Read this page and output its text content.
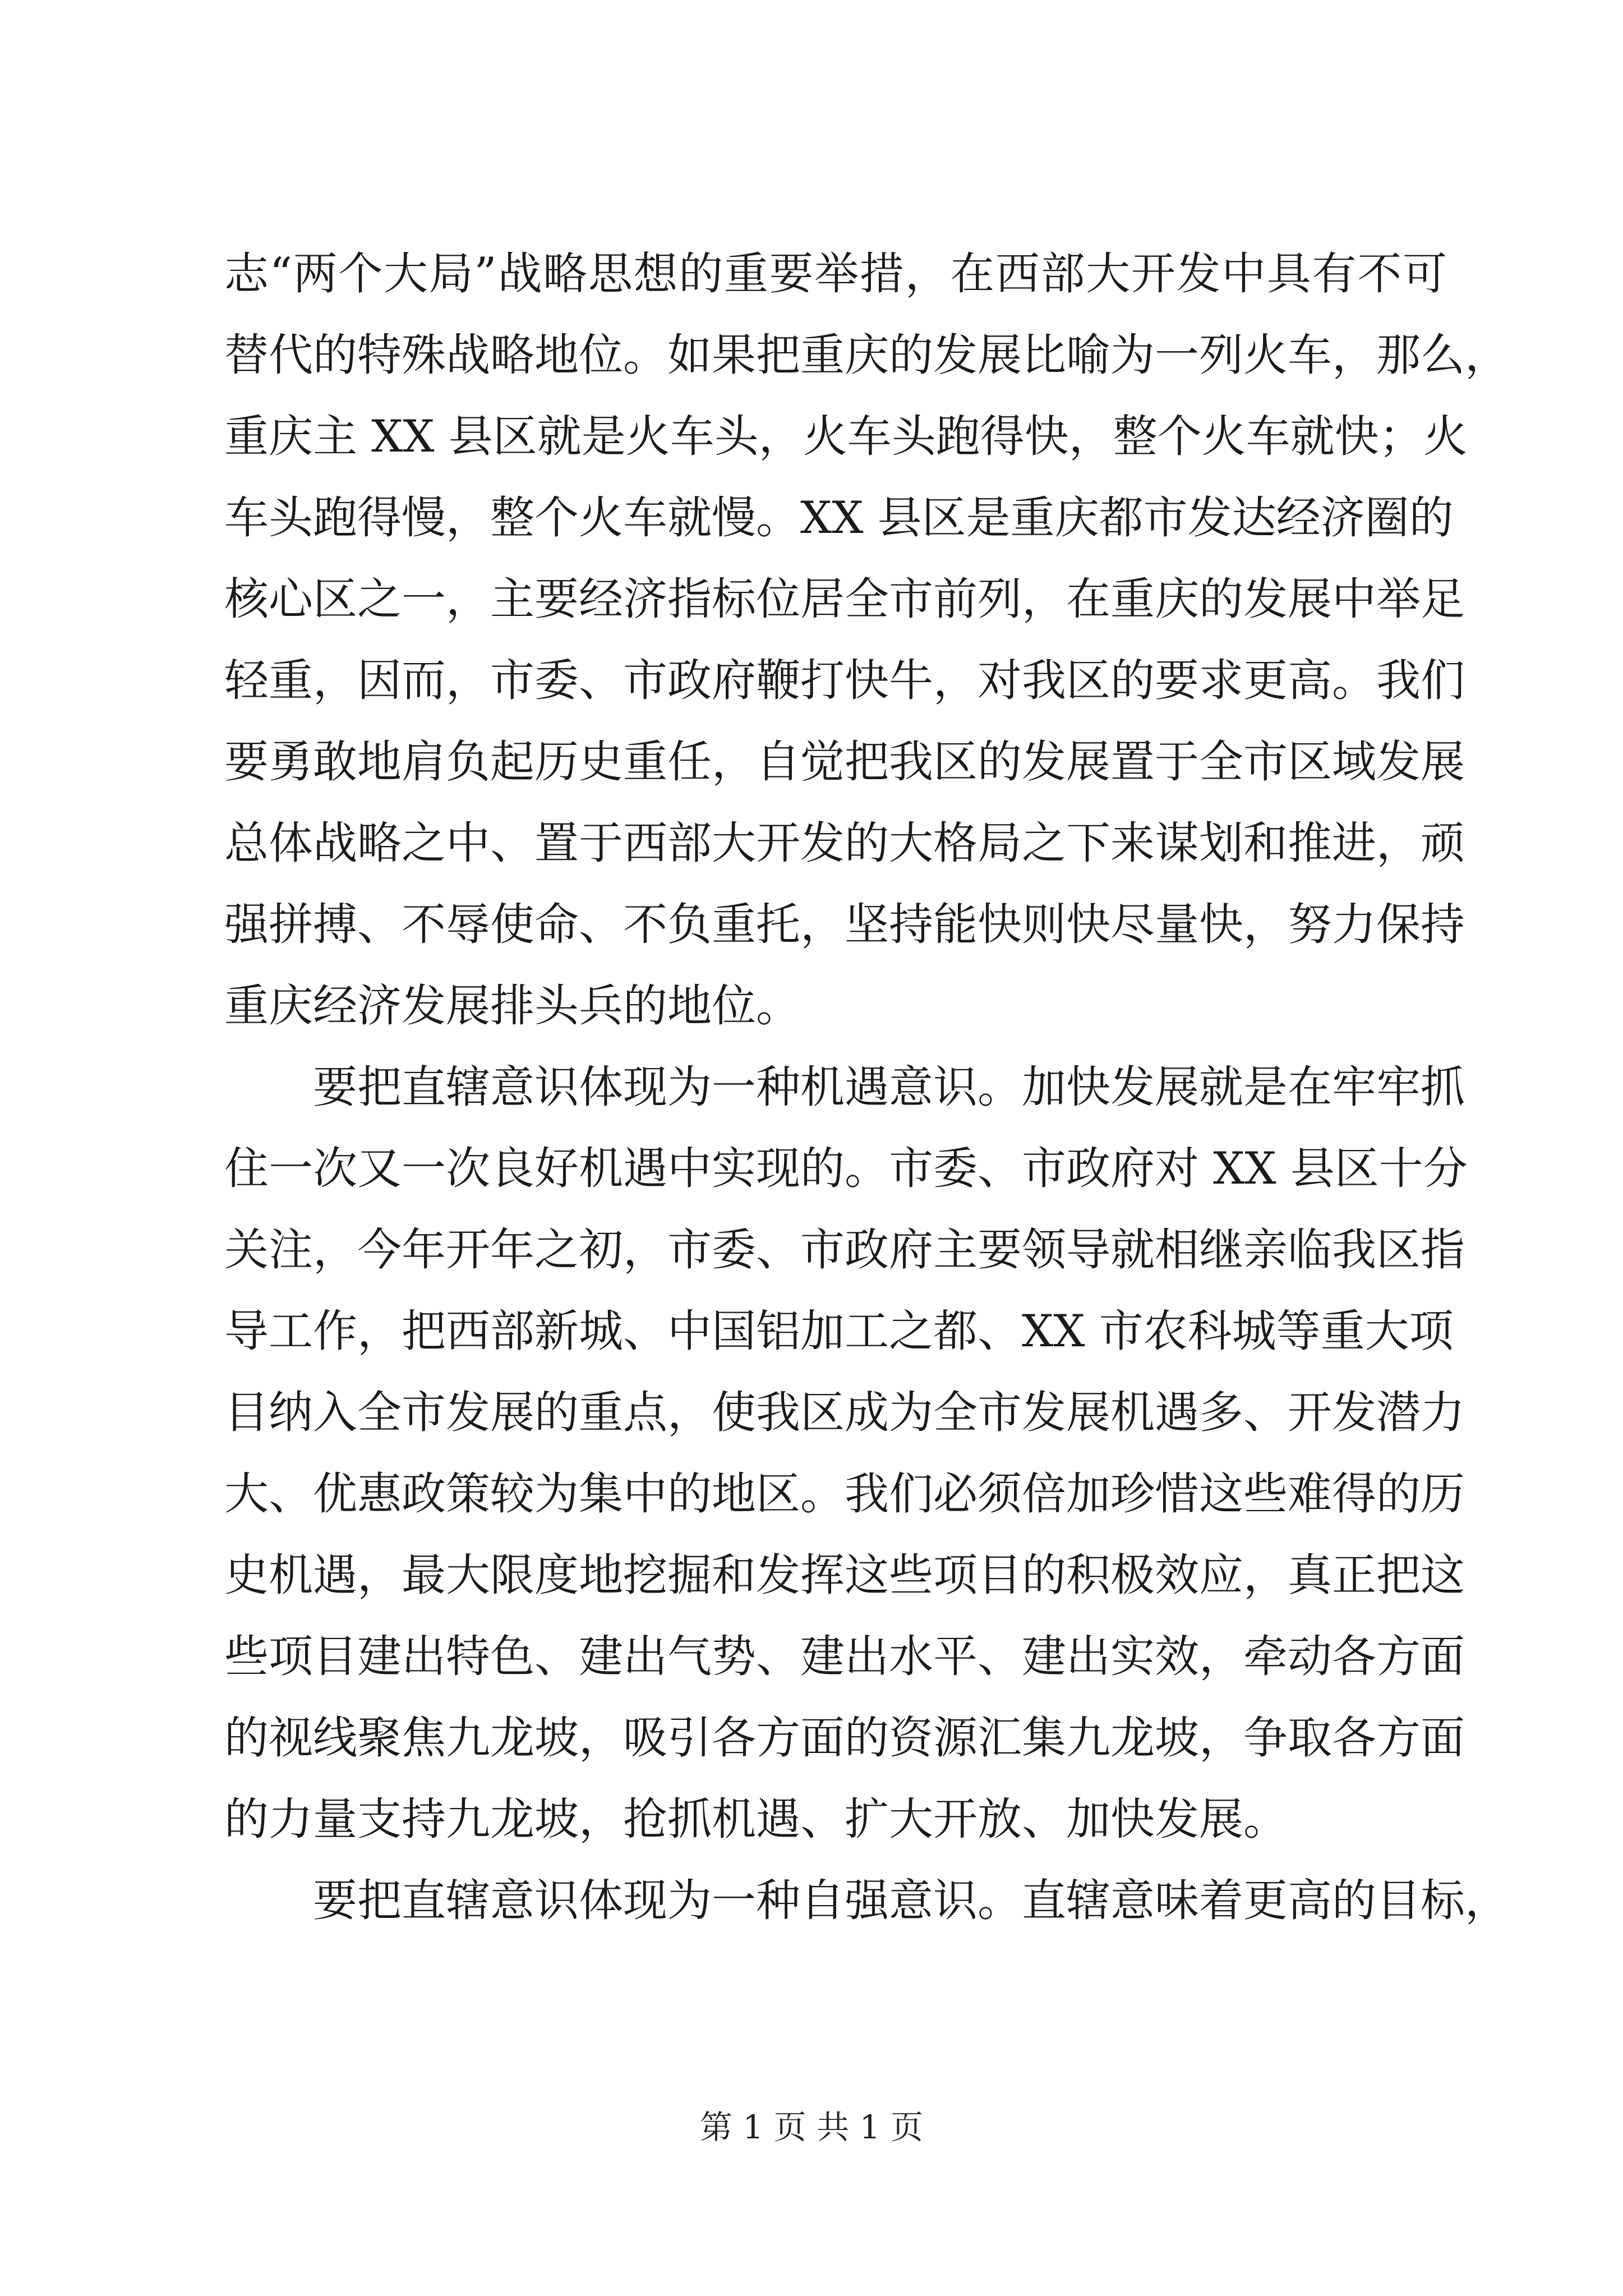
志“两个大局”战略思想的重要举措，在西部大开发中具有不可
替代的特殊战略地位。如果把重庆的发展比喻为一列火车，那么，
重庆主 XX 县区就是火车头，火车头跑得快，整个火车就快；火
车头跑得慢，整个火车就慢。XX 县区是重庆都市发达经济圈的
核心区之一，主要经济指标位居全市前列，在重庆的发展中举足
轻重，因而，市委、市政府鞭打快牛，对我区的要求更高。我们
要勇敢地肩负起历史重任，自觉把我区的发展置于全市区域发展
总体战略之中、置于西部大开发的大格局之下来谋划和推进，顽
强拼搏、不辱使命、不负重托，坚持能快则快尽量快，努力保持
重庆经济发展排头兵的地位。
要把直辖意识体现为一种机遇意识。加快发展就是在牢牢抓
住一次又一次良好机遇中实现的。市委、市政府对 XX 县区十分
关注，今年开年之初，市委、市政府主要领导就相继亲临我区指
导工作，把西部新城、中国铝加工之都、XX 市农科城等重大项
目纳入全市发展的重点，使我区成为全市发展机遇多、开发潜力
大、优惠政策较为集中的地区。我们必须倍加珍惜这些难得的历
史机遇，最大限度地挖掘和发挥这些项目的积极效应，真正把这
些项目建出特色、建出气势、建出水平、建出实效，牵动各方面
的视线聚焦九龙坡，吸引各方面的资源汇集九龙坡，争取各方面
的力量支持九龙坡，抢抓机遇、扩大开放、加快发展。
要把直辖意识体现为一种自强意识。直辖意味着更高的目标，
第 1 页 共 1 页
